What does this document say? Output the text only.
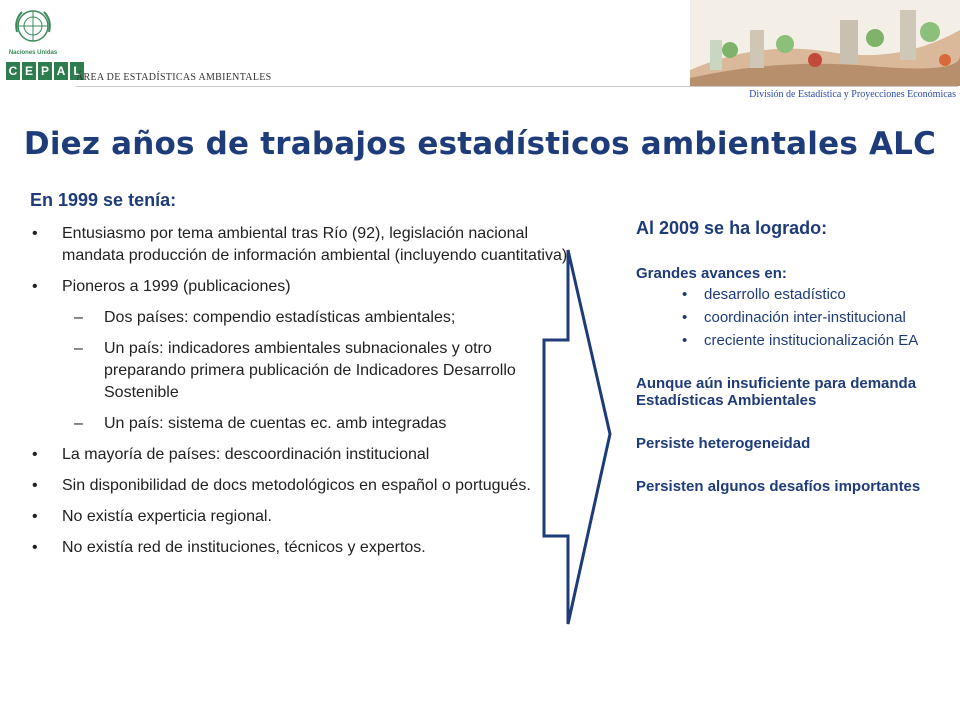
Naciones Unidas
C E P A L
ÁREA DE ESTADÍSTICAS AMBIENTALES
División de Estadística y Proyecciones Económicas
Diez años de trabajos estadísticos ambientales ALC
En 1999 se tenía:
• Entusiasmo por tema ambiental tras Río (92), legislación nacional mandata producción de información ambiental (incluyendo cuantitativa)
• Pioneros a 1999 (publicaciones)
– Dos países: compendio estadísticas ambientales;
– Un país: indicadores ambientales subnacionales y otro preparando primera publicación de Indicadores Desarrollo Sostenible
– Un país: sistema de cuentas ec. amb integradas
• La mayoría de países: descoordinación institucional
• Sin disponibilidad de docs metodológicos en español o portugués.
• No existía experticia regional.
• No existía red de instituciones, técnicos y expertos.
Al 2009 se ha logrado:
Grandes avances en:
• desarrollo estadístico
• coordinación inter-institucional
• creciente institucionalización EA
Aunque aún insuficiente para demanda Estadísticas Ambientales
Persiste heterogeneidad
Persisten algunos desafíos importantes
